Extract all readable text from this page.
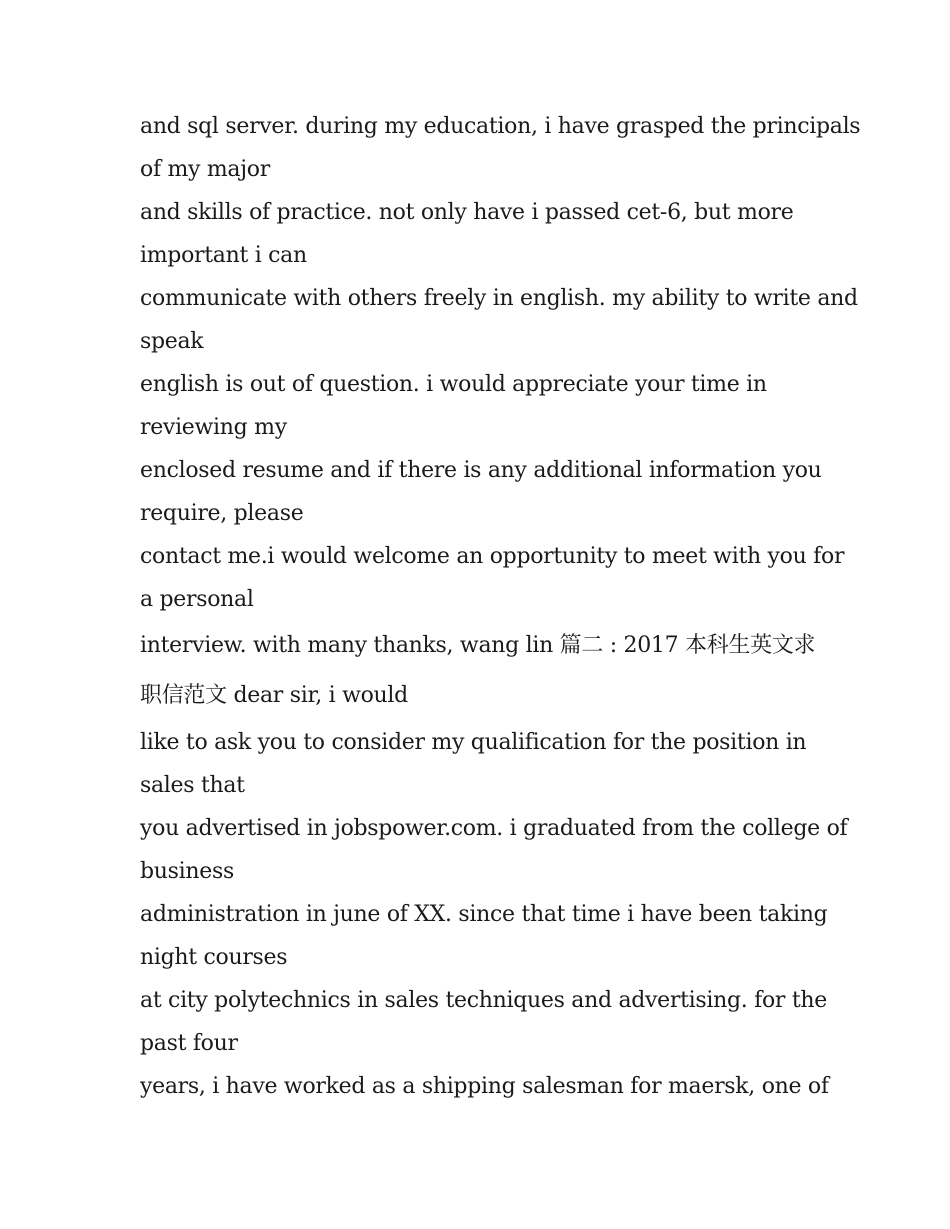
and sql server. during my education, i have grasped the principals
of my major
and skills of practice. not only have i passed cet-6, but more
important i can
communicate with others freely in english. my ability to write and
speak
english is out of question. i would appreciate your time in
reviewing my
enclosed resume and if there is any additional information you
require, please
contact me.i would welcome an opportunity to meet with you for
a personal
interview. with many thanks, wang lin 篇二 : 2017 本科生英文求
职信范文 dear sir, i would
like to ask you to consider my qualification for the position in
sales that
you advertised in jobspower.com. i graduated from the college of
business
administration in june of XX. since that time i have been taking
night courses
at city polytechnics in sales techniques and advertising. for the
past four
years, i have worked as a shipping salesman for maersk, one of
